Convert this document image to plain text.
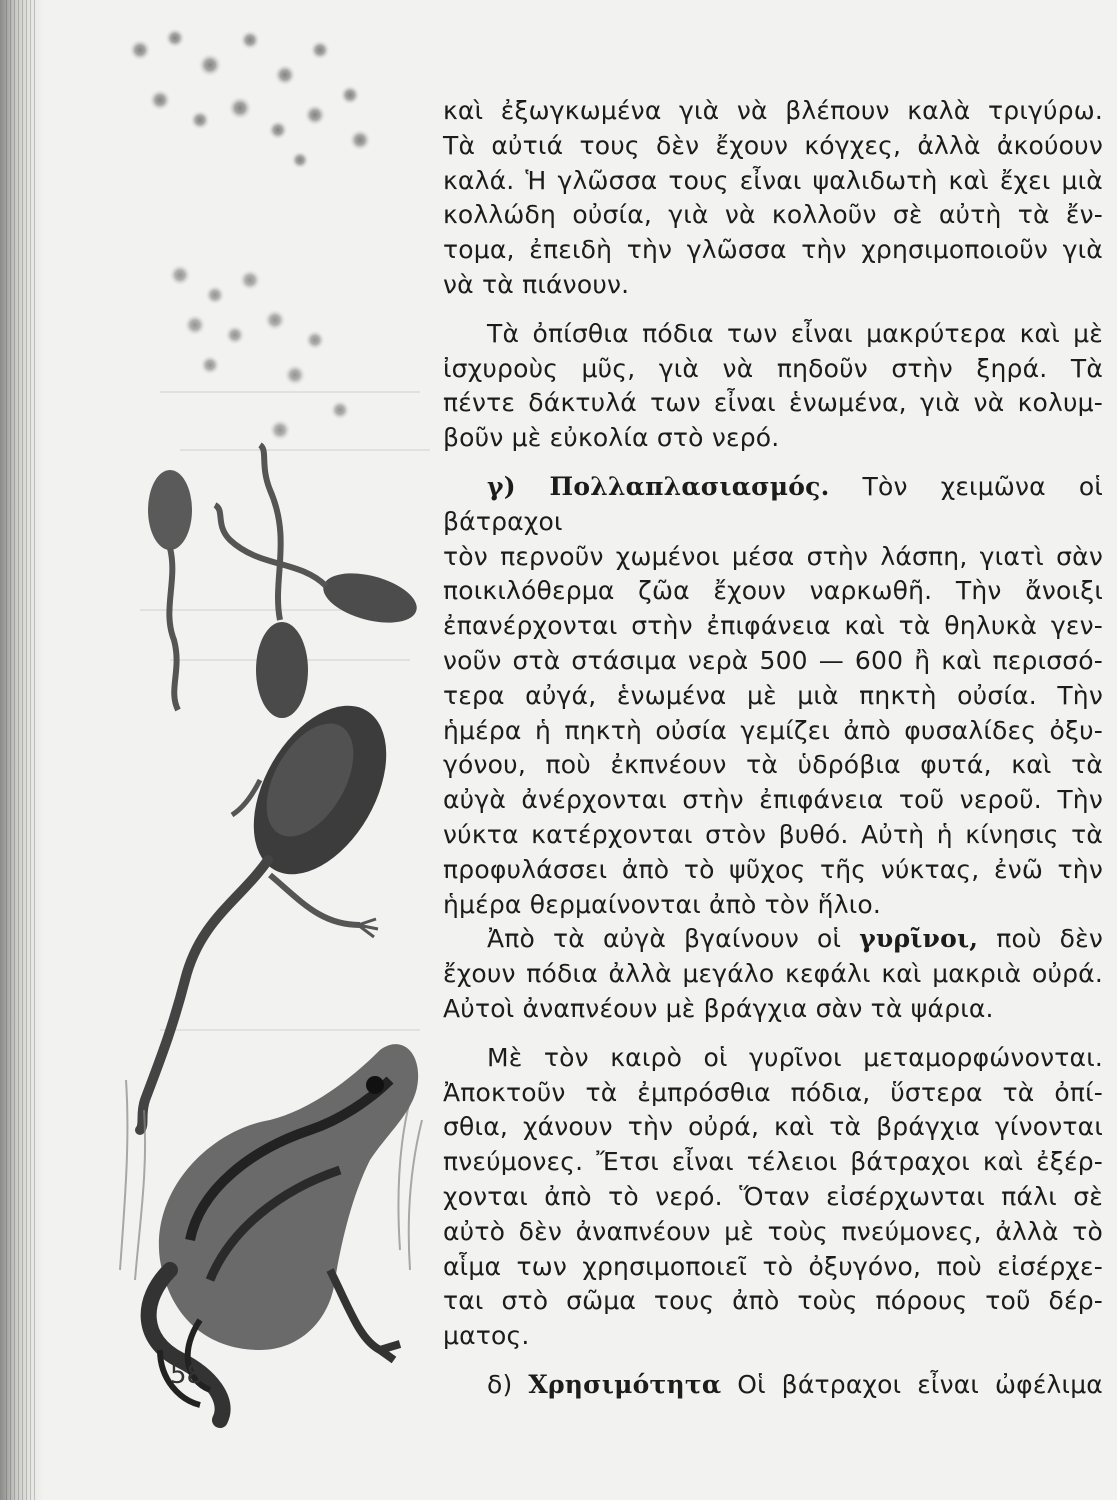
καὶ ἐξωγκωμένα γιὰ νὰ βλέπουν καλὰ τριγύρω.

Τὰ αὐτιά τους δὲν ἔχουν κόγχες, ἀλλὰ ἀκούουν

καλά. Ἡ γλῶσσα τους εἶναι ψαλιδωτὴ καὶ ἔχει μιὰ

κολλώδη οὐσία, γιὰ νὰ κολλοῦν σὲ αὐτὴ τὰ ἔν-

τομα, ἐπειδὴ τὴν γλῶσσα τὴν χρησιμοποιοῦν γιὰ

νὰ τὰ πιάνουν.

Τὰ ὀπίσθια πόδια των εἶναι μακρύτερα καὶ μὲ

ἰσχυροὺς μῦς, γιὰ νὰ πηδοῦν στὴν ξηρά. Τὰ

πέντε δάκτυλά των εἶναι ἑνωμένα, γιὰ νὰ κολυμ-

βοῦν μὲ εὐκολία στὸ νερό.

γ) Πολλαπλασιασμός. Τὸν χειμῶνα οἱ βάτραχοι

τὸν περνοῦν χωμένοι μέσα στὴν λάσπη, γιατὶ σὰν

ποικιλόθερμα ζῶα ἔχουν ναρκωθῆ. Τὴν ἄνοιξι

ἐπανέρχονται στὴν ἐπιφάνεια καὶ τὰ θηλυκὰ γεν-

νοῦν στὰ στάσιμα νερὰ 500 — 600 ἢ καὶ περισσό-

τερα αὐγά, ἑνωμένα μὲ μιὰ πηκτὴ οὐσία. Τὴν

ἡμέρα ἡ πηκτὴ οὐσία γεμίζει ἀπὸ φυσαλίδες ὀξυ-

γόνου, ποὺ ἐκπνέουν τὰ ὑδρόβια φυτά, καὶ τὰ

αὐγὰ ἀνέρχονται στὴν ἐπιφάνεια τοῦ νεροῦ. Τὴν

νύκτα κατέρχονται στὸν βυθό. Αὐτὴ ἡ κίνησις τὰ

προφυλάσσει ἀπὸ τὸ ψῦχος τῆς νύκτας, ἐνῶ τὴν

ἡμέρα θερμαίνονται ἀπὸ τὸν ἥλιο.

Ἀπὸ τὰ αὐγὰ βγαίνουν οἱ γυρῖνοι, ποὺ δὲν

ἔχουν πόδια ἀλλὰ μεγάλο κεφάλι καὶ μακριὰ οὐρά.

Αὐτοὶ ἀναπνέουν μὲ βράγχια σὰν τὰ ψάρια.

Μὲ τὸν καιρὸ οἱ γυρῖνοι μεταμορφώνονται.

Ἀποκτοῦν τὰ ἐμπρόσθια πόδια, ὕστερα τὰ ὀπί-

σθια, χάνουν τὴν οὐρά, καὶ τὰ βράγχια γίνονται

πνεύμονες. Ἔτσι εἶναι τέλειοι βάτραχοι καὶ ἐξέρ-

χονται ἀπὸ τὸ νερό. Ὅταν εἰσέρχωνται πάλι σὲ

αὐτὸ δὲν ἀναπνέουν μὲ τοὺς πνεύμονες, ἀλλὰ τὸ

αἷμα των χρησιμοποιεῖ τὸ ὀξυγόνο, ποὺ εἰσέρχε-

ται στὸ σῶμα τους ἀπὸ τοὺς πόρους τοῦ δέρ-

ματος.

δ) Χρησιμότητα Οἱ βάτραχοι εἶναι ὠφέλιμα

58
